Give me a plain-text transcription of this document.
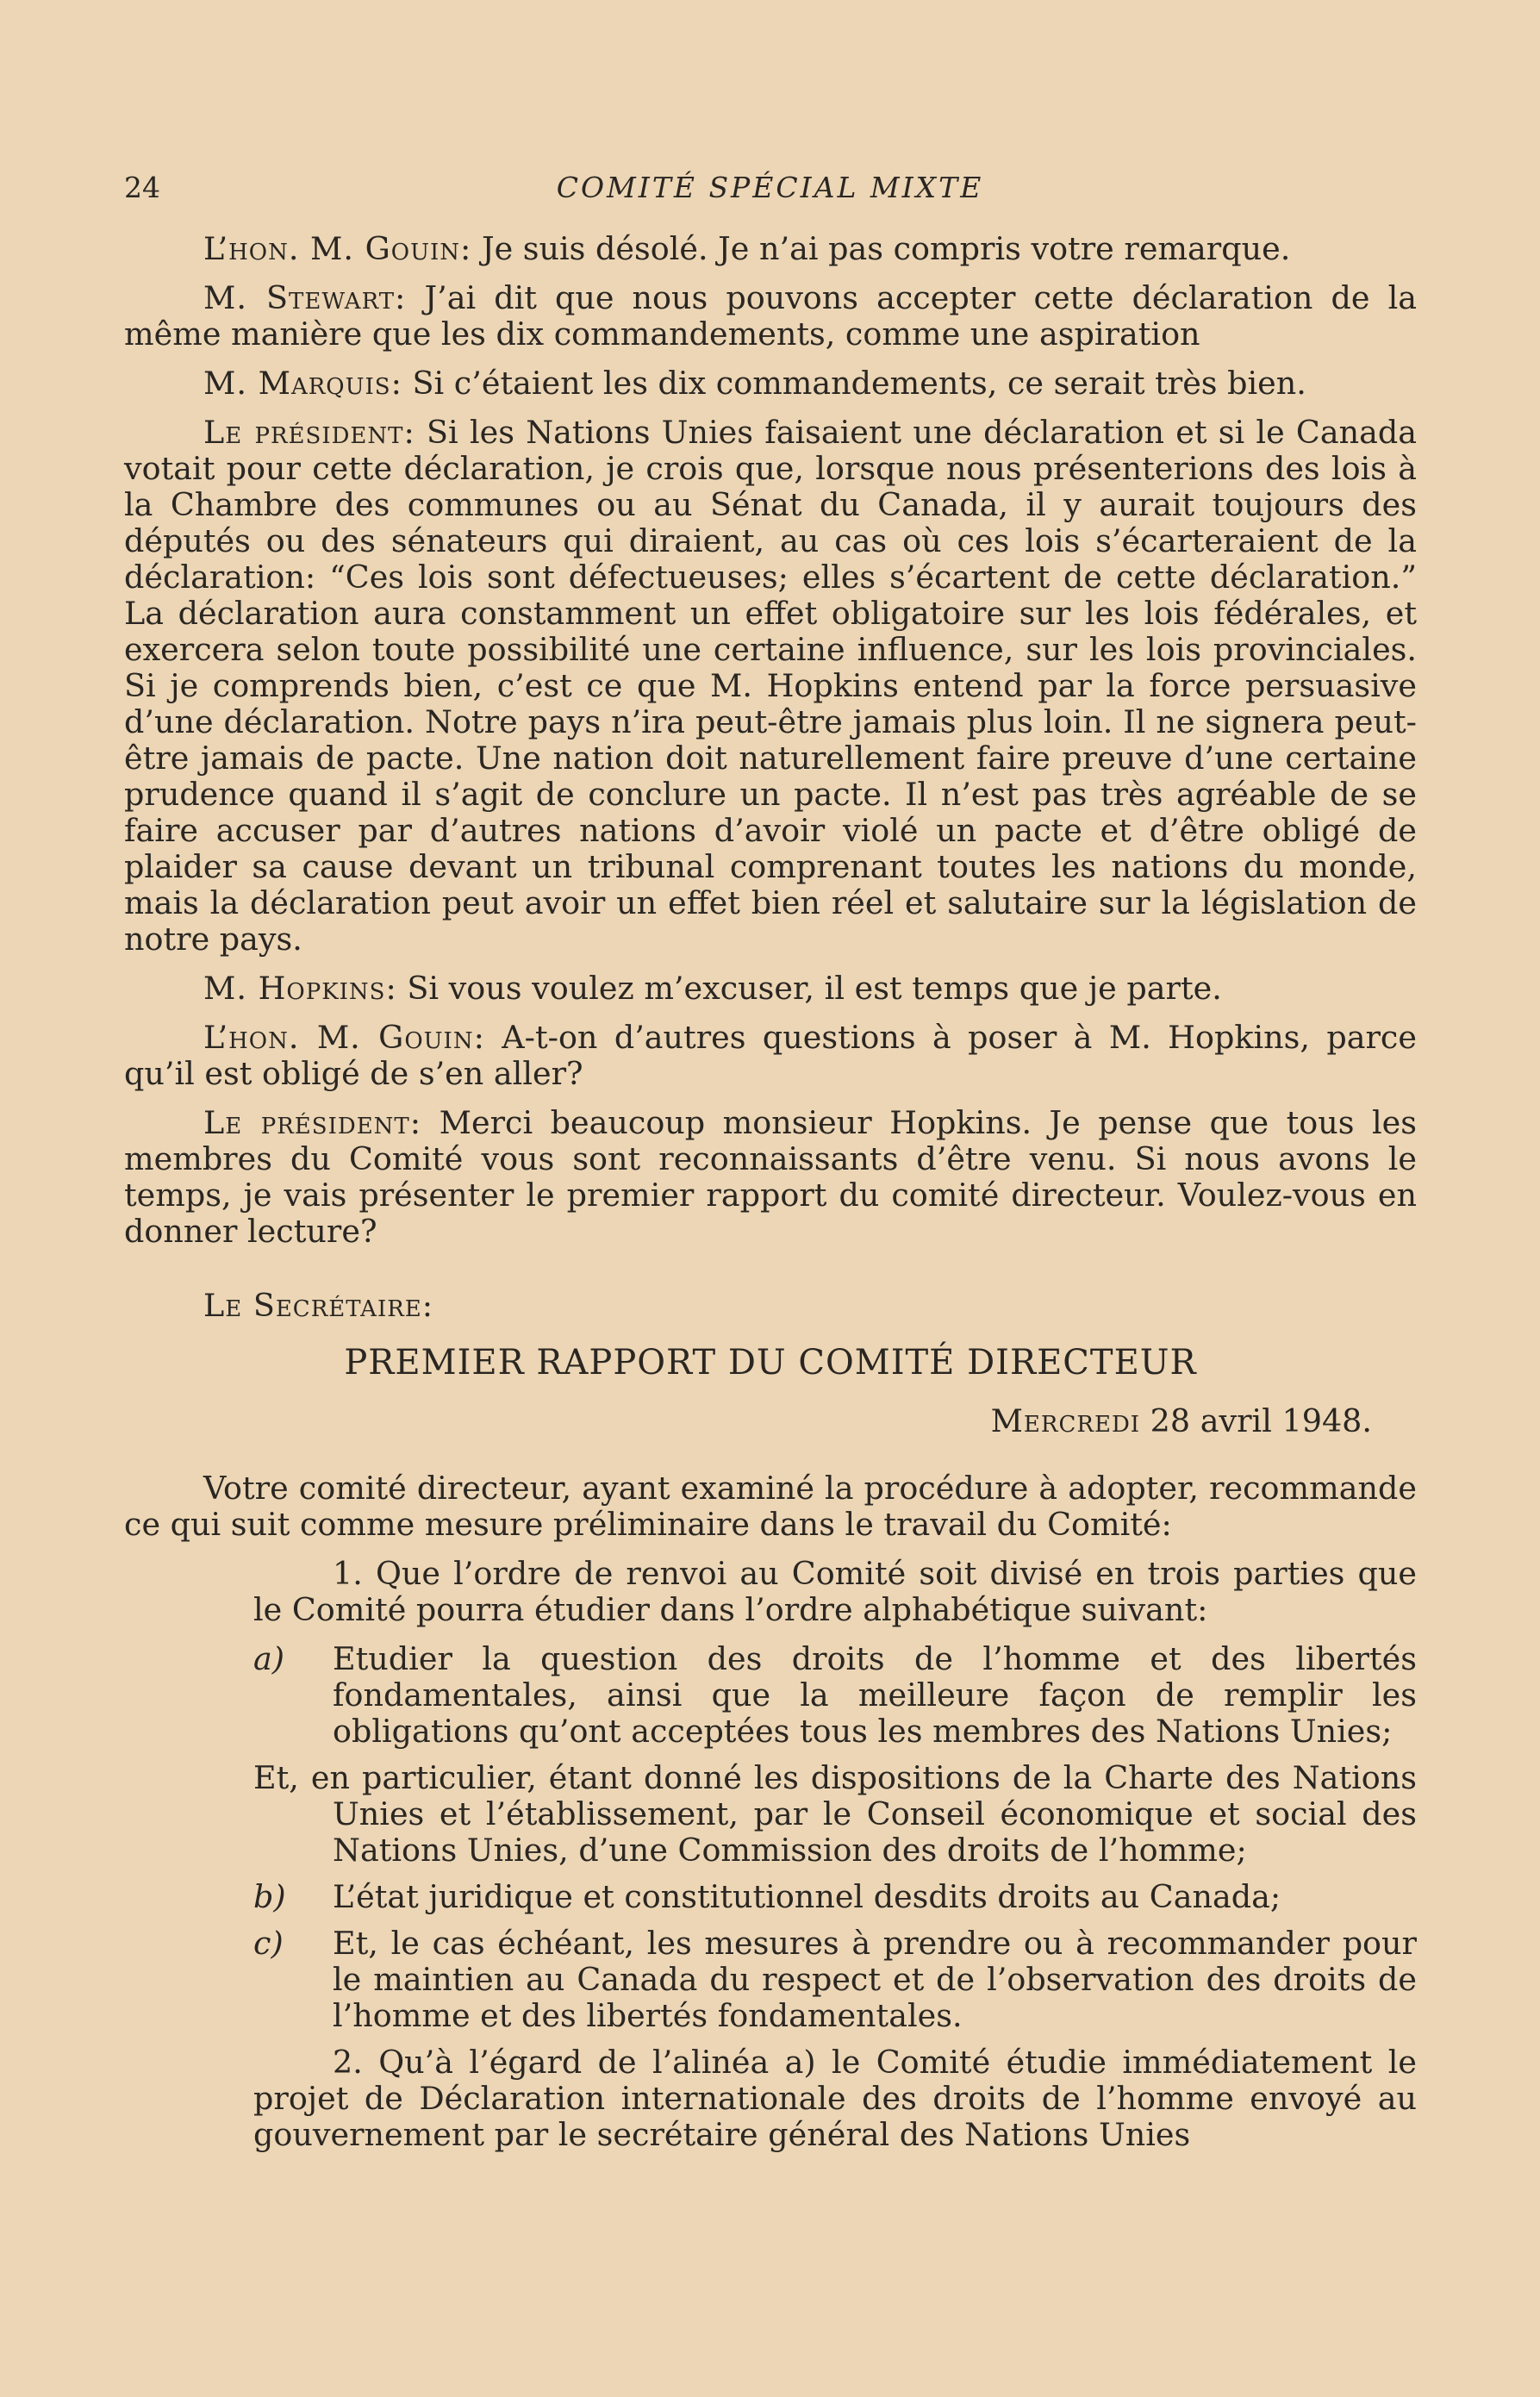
24	COMITÉ SPÉCIAL MIXTE

L’hon. M. Gouin: Je suis désolé. Je n’ai pas compris votre remarque.

M. Stewart: J’ai dit que nous pouvons accepter cette déclaration de la même manière que les dix commandements, comme une aspiration

M. Marquis: Si c’étaient les dix commandements, ce serait très bien.

Le président: Si les Nations Unies faisaient une déclaration et si le Canada votait pour cette déclaration, je crois que, lorsque nous présenterions des lois à la Chambre des communes ou au Sénat du Canada, il y aurait toujours des députés ou des sénateurs qui diraient, au cas où ces lois s’écarteraient de la déclaration: “Ces lois sont défectueuses; elles s’écartent de cette déclaration.” La déclaration aura constamment un effet obligatoire sur les lois fédérales, et exercera selon toute possibilité une certaine influence, sur les lois provinciales. Si je comprends bien, c’est ce que M. Hopkins entend par la force persuasive d’une déclaration. Notre pays n’ira peut-être jamais plus loin. Il ne signera peut-être jamais de pacte. Une nation doit naturellement faire preuve d’une certaine prudence quand il s’agit de conclure un pacte. Il n’est pas très agréable de se faire accuser par d’autres nations d’avoir violé un pacte et d’être obligé de plaider sa cause devant un tribunal comprenant toutes les nations du monde, mais la déclaration peut avoir un effet bien réel et salutaire sur la législation de notre pays.

M. Hopkins: Si vous voulez m’excuser, il est temps que je parte.

L’hon. M. Gouin: A-t-on d’autres questions à poser à M. Hopkins, parce qu’il est obligé de s’en aller?

Le président: Merci beaucoup monsieur Hopkins. Je pense que tous les membres du Comité vous sont reconnaissants d’être venu. Si nous avons le temps, je vais présenter le premier rapport du comité directeur. Voulez-vous en donner lecture?

Le Secrétaire:

PREMIER RAPPORT DU COMITÉ DIRECTEUR
Mercredi 28 avril 1948.

Votre comité directeur, ayant examiné la procédure à adopter, recommande ce qui suit comme mesure préliminaire dans le travail du Comité:

1. Que l’ordre de renvoi au Comité soit divisé en trois parties que le Comité pourra étudier dans l’ordre alphabétique suivant:

a)	Etudier la question des droits de l’homme et des libertés fondamentales, ainsi que la meilleure façon de remplir les obligations qu’ont acceptées tous les membres des Nations Unies;
Et, en particulier, étant donné les dispositions de la Charte des Nations Unies et l’établissement, par le Conseil économique et social des Nations Unies, d’une Commission des droits de l’homme;
b)	L’état juridique et constitutionnel desdits droits au Canada;
c)	Et, le cas échéant, les mesures à prendre ou à recommander pour le maintien au Canada du respect et de l’observation des droits de l’homme et des libertés fondamentales.

2. Qu’à l’égard de l’alinéa a) le Comité étudie immédiatement le projet de Déclaration internationale des droits de l’homme envoyé au gouvernement par le secrétaire général des Nations Unies
